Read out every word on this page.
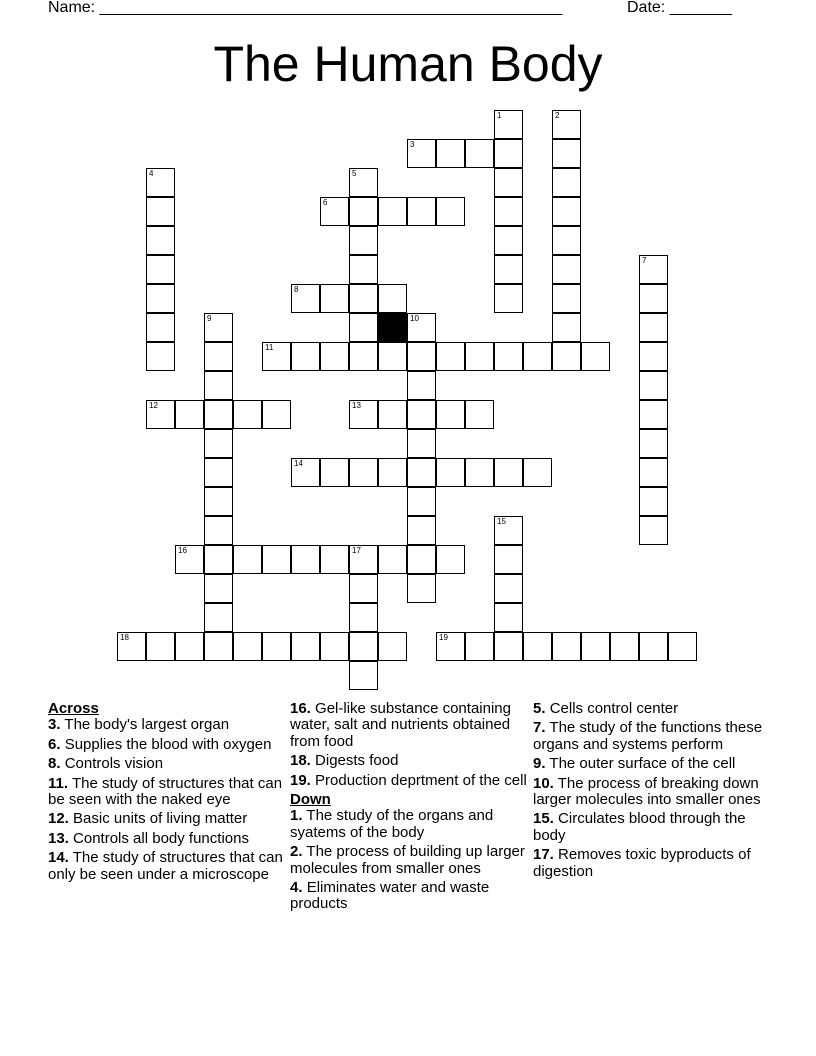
Name: ____________________________________________________	Date: _______
The Human Body
1	2
3
4	5
6
7
8
9	10
11
12	13
14
15
16	17
18	19
Across
3. The body's largest organ
6. Supplies the blood with oxygen
8. Controls vision
11. The study of structures that can be seen with the naked eye
12. Basic units of living matter
13. Controls all body functions
14. The study of structures that can only be seen under a microscope
16. Gel-like substance containing water, salt and nutrients obtained from food
18. Digests food
19. Production deprtment of the cell
Down
1. The study of the organs and syatems of the body
2. The process of building up larger molecules from smaller ones
4. Eliminates water and waste products
5. Cells control center
7. The study of the functions these organs and systems perform
9. The outer surface of the cell
10. The process of breaking down larger molecules into smaller ones
15. Circulates blood through the body
17. Removes toxic byproducts of digestion
